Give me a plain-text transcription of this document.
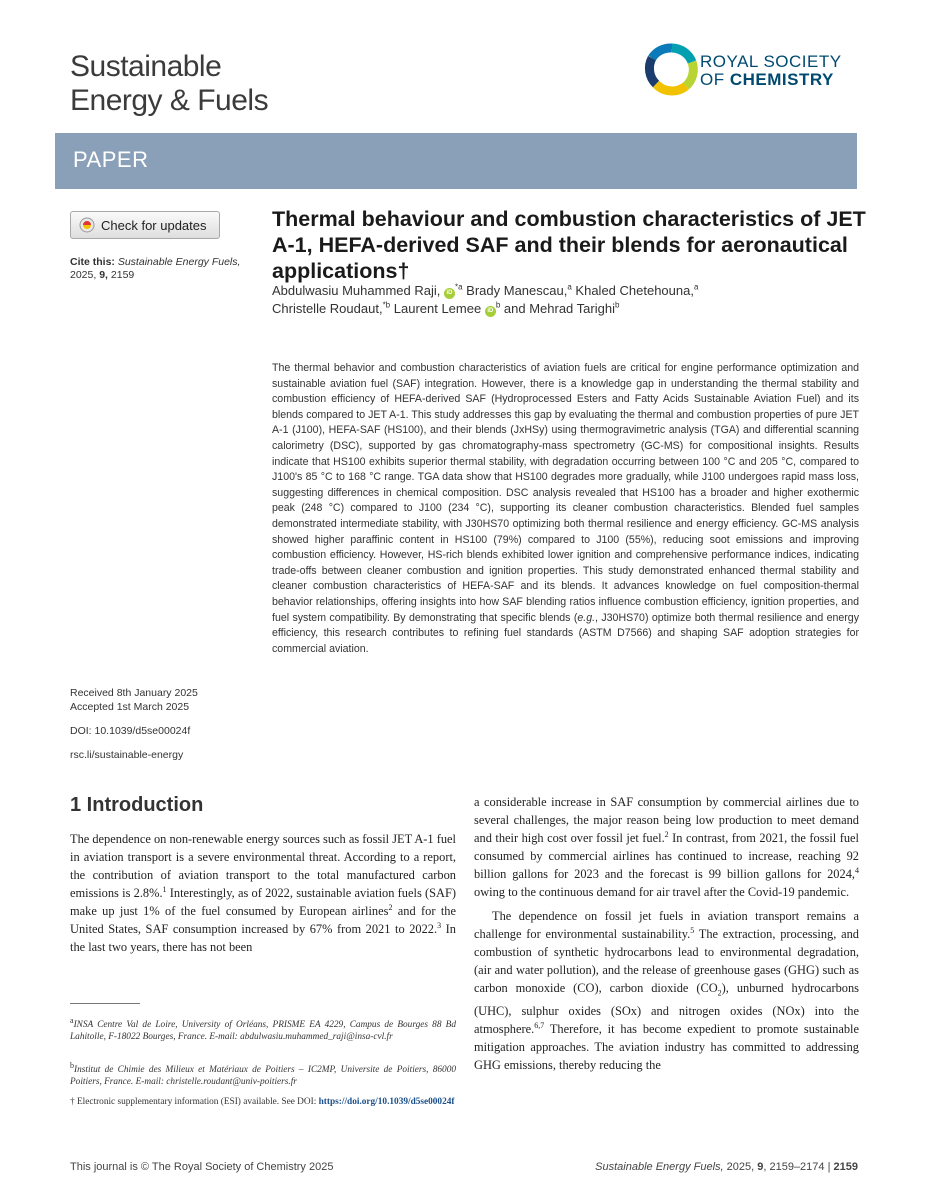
Sustainable
Energy & Fuels
ROYAL SOCIETY
OF CHEMISTRY
PAPER
Check for updates
Cite this: Sustainable Energy Fuels,
2025, 9, 2159
Thermal behaviour and combustion characteristics of JET A-1, HEFA-derived SAF and their blends for aeronautical applications†
Abdulwasiu Muhammed Raji, $iD^{*a}$ Brady Manescau,$^a$ Khaled Chetehouna,$^a$
Christelle Roudaut,$^{*b}$ Laurent Lemee $iD^b$ and Mehrad Tarighi$^b$

The thermal behavior and combustion characteristics of aviation fuels are critical for engine performance optimization and sustainable aviation fuel (SAF) integration. However, there is a knowledge gap in understanding the thermal stability and combustion efficiency of HEFA-derived SAF (Hydroprocessed Esters and Fatty Acids Sustainable Aviation Fuel) and its blends compared to JET A-1. This study addresses this gap by evaluating the thermal and combustion properties of pure JET A-1 (J100), HEFA-SAF (HS100), and their blends (JxHSy) using thermogravimetric analysis (TGA) and differential scanning calorimetry (DSC), supported by gas chromatography-mass spectrometry (GC-MS) for compositional insights. Results indicate that HS100 exhibits superior thermal stability, with degradation occurring between 100 °C and 205 °C, compared to J100's 85 °C to 168 °C range. TGA data show that HS100 degrades more gradually, while J100 undergoes rapid mass loss, suggesting differences in chemical composition. DSC analysis revealed that HS100 has a broader and higher exothermic peak (248 °C) compared to J100 (234 °C), supporting its cleaner combustion characteristics. Blended fuel samples demonstrated intermediate stability, with J30HS70 optimizing both thermal resilience and energy efficiency. GC-MS analysis showed higher paraffinic content in HS100 (79%) compared to J100 (55%), reducing soot emissions and improving combustion efficiency. However, HS-rich blends exhibited lower ignition and comprehensive performance indices, indicating trade-offs between cleaner combustion and ignition properties. This study demonstrated enhanced thermal stability and cleaner combustion characteristics of HEFA-SAF and its blends. It advances knowledge on fuel composition-thermal behavior relationships, offering insights into how SAF blending ratios influence combustion efficiency, ignition properties, and fuel system compatibility. By demonstrating that specific blends (e.g., J30HS70) optimize both thermal resilience and energy efficiency, this research contributes to refining fuel standards (ASTM D7566) and shaping SAF adoption strategies for commercial aviation.

Received 8th January 2025
Accepted 1st March 2025
DOI: 10.1039/d5se00024f
rsc.li/sustainable-energy
1 Introduction

The dependence on non-renewable energy sources such as fossil JET A-1 fuel in aviation transport is a severe environmental threat. According to a report, the contribution of aviation transport to the total manufactured carbon emissions is 2.8%.$^1$ Interestingly, as of 2022, sustainable aviation fuels (SAF) make up just 1% of the fuel consumed by European airlines$^2$ and for the United States, SAF consumption increased by 67% from 2021 to 2022.$^3$ In the last two years, there has not been

a considerable increase in SAF consumption by commercial airlines due to several challenges, the major reason being low production to meet demand and their high cost over fossil jet fuel.$^2$ In contrast, from 2021, the fossil fuel consumed by commercial airlines has continued to increase, reaching 92 billion gallons for 2023 and the forecast is 99 billion gallons for 2024,$^4$ owing to the continuous demand for air travel after the Covid-19 pandemic.

The dependence on fossil jet fuels in aviation transport remains a challenge for environmental sustainability.$^5$ The extraction, processing, and combustion of synthetic hydrocarbons lead to environmental degradation, (air and water pollution), and the release of greenhouse gases (GHG) such as carbon monoxide (CO), carbon dioxide $(CO_2)$, unburned hydrocarbons (UHC), sulphur oxides (SOx) and nitrogen oxides (NOx) into the atmosphere.$^{6,7}$ Therefore, it has become expedient to promote sustainable mitigation approaches. The aviation industry has committed to addressing GHG emissions, thereby reducing the

$^a$INSA Centre Val de Loire, University of Orléans, PRISME EA 4229, Campus de Bourges 88 Bd Lahitolle, F-18022 Bourges, France. E-mail: abdulwasiu.muhammed_raji@insa-cvl.fr

$^b$Institut de Chimie des Milieux et Matériaux de Poitiers – IC2MP, Universite de Poitiers, 86000 Poitiers, France. E-mail: christelle.roudant@univ-poitiers.fr

† Electronic supplementary information (ESI) available. See DOI: https://doi.org/10.1039/d5se00024f

This journal is © The Royal Society of Chemistry 2025	Sustainable Energy Fuels, 2025, 9, 2159–2174 | 2159
